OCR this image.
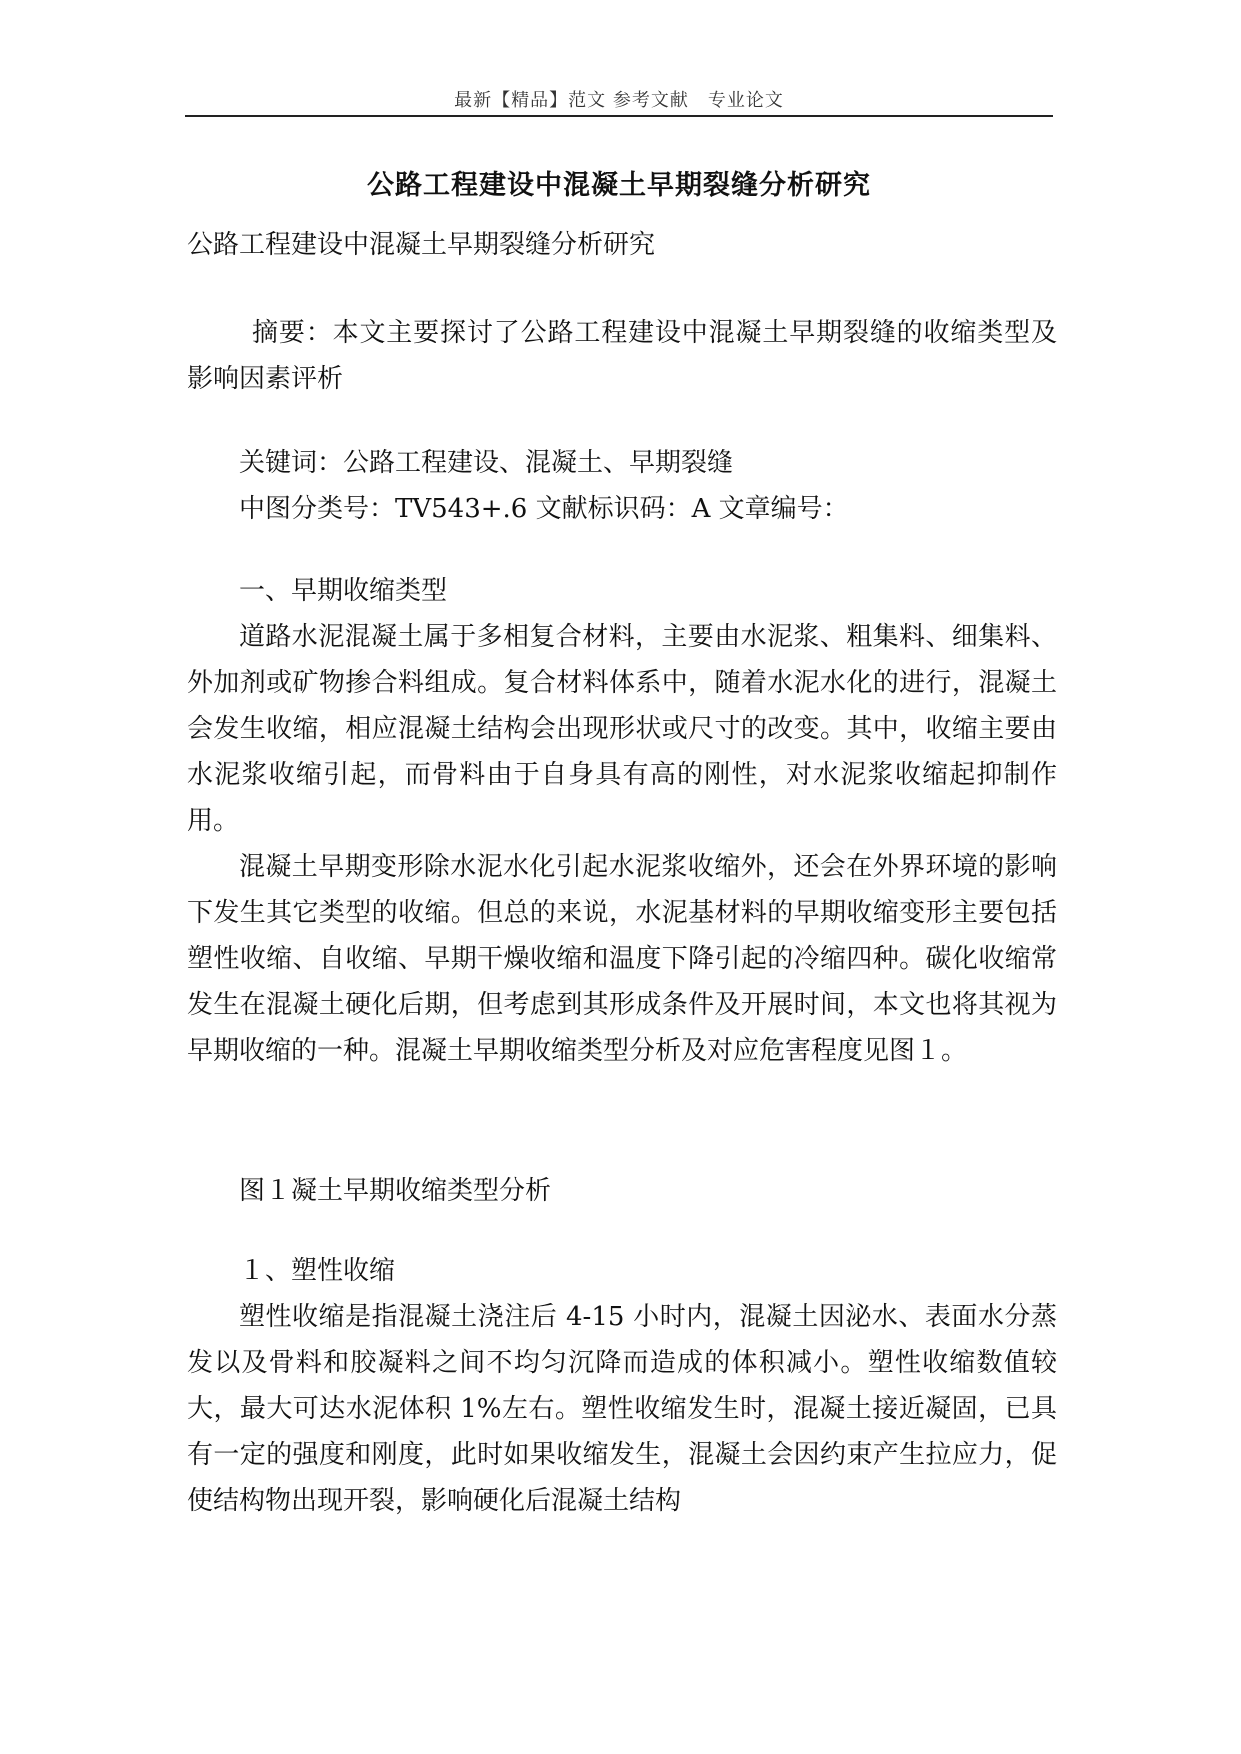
最新【精品】范文 参考文献　专业论文
公路工程建设中混凝土早期裂缝分析研究

公路工程建设中混凝土早期裂缝分析研究

摘要：本文主要探讨了公路工程建设中混凝土早期裂缝的收缩类型及影响因素评析

关键词：公路工程建设、混凝土、早期裂缝

中图分类号：TV543+.6 文献标识码：A 文章编号：

一、早期收缩类型

道路水泥混凝土属于多相复合材料，主要由水泥浆、粗集料、细集料、外加剂或矿物掺合料组成。复合材料体系中，随着水泥水化的进行，混凝土会发生收缩，相应混凝土结构会出现形状或尺寸的改变。其中，收缩主要由水泥浆收缩引起，而骨料由于自身具有高的刚性，对水泥浆收缩起抑制作用。

混凝土早期变形除水泥水化引起水泥浆收缩外，还会在外界环境的影响下发生其它类型的收缩。但总的来说，水泥基材料的早期收缩变形主要包括塑性收缩、自收缩、早期干燥收缩和温度下降引起的冷缩四种。碳化收缩常发生在混凝土硬化后期，但考虑到其形成条件及开展时间，本文也将其视为早期收缩的一种。混凝土早期收缩类型分析及对应危害程度见图１。

图１凝土早期收缩类型分析

１、塑性收缩

塑性收缩是指混凝土浇注后 4-15 小时内，混凝土因泌水、表面水分蒸发以及骨料和胶凝料之间不均匀沉降而造成的体积减小。塑性收缩数值较大，最大可达水泥体积 1%左右。塑性收缩发生时，混凝土接近凝固，已具有一定的强度和刚度，此时如果收缩发生，混凝土会因约束产生拉应力，促使结构物出现开裂，影响硬化后混凝土结构
